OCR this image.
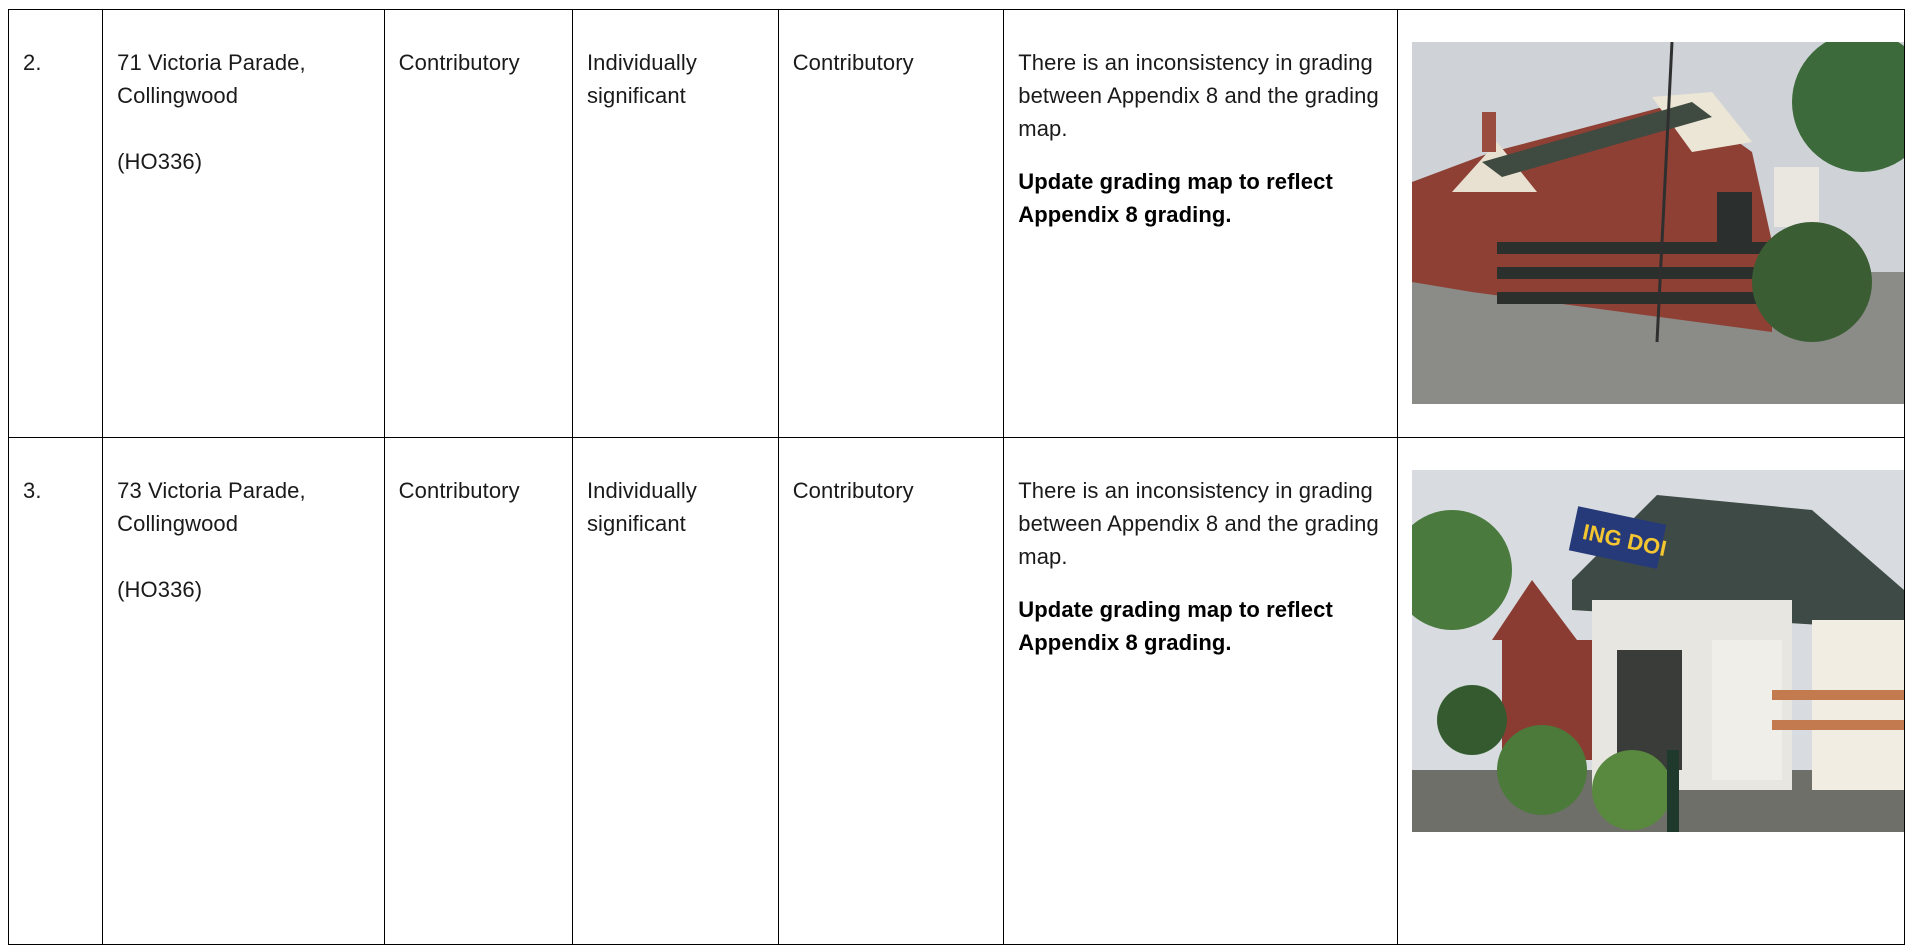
2.	71 Victoria Parade,
Collingwood
(HO336)	Contributory	Individually significant	Contributory	There is an inconsistency in grading between Appendix 8 and the grading map.
Update grading map to reflect Appendix 8 grading.

3.	73 Victoria Parade,
Collingwood
(HO336)	Contributory	Individually significant	Contributory	There is an inconsistency in grading between Appendix 8 and the grading map.
Update grading map to reflect Appendix 8 grading.	ING DOI
